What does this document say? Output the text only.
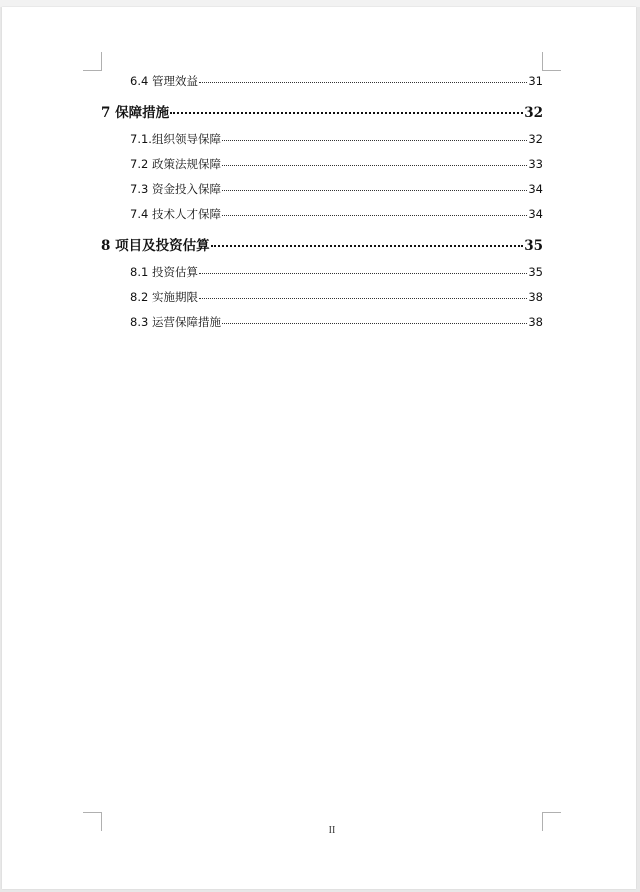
6.4 管理效益	31
7 保障措施	32
7.1.组织领导保障	32
7.2 政策法规保障	33
7.3 资金投入保障	34
7.4 技术人才保障	34
8 项目及投资估算	35
8.1 投资估算	35
8.2 实施期限	38
8.3 运营保障措施	38
II
